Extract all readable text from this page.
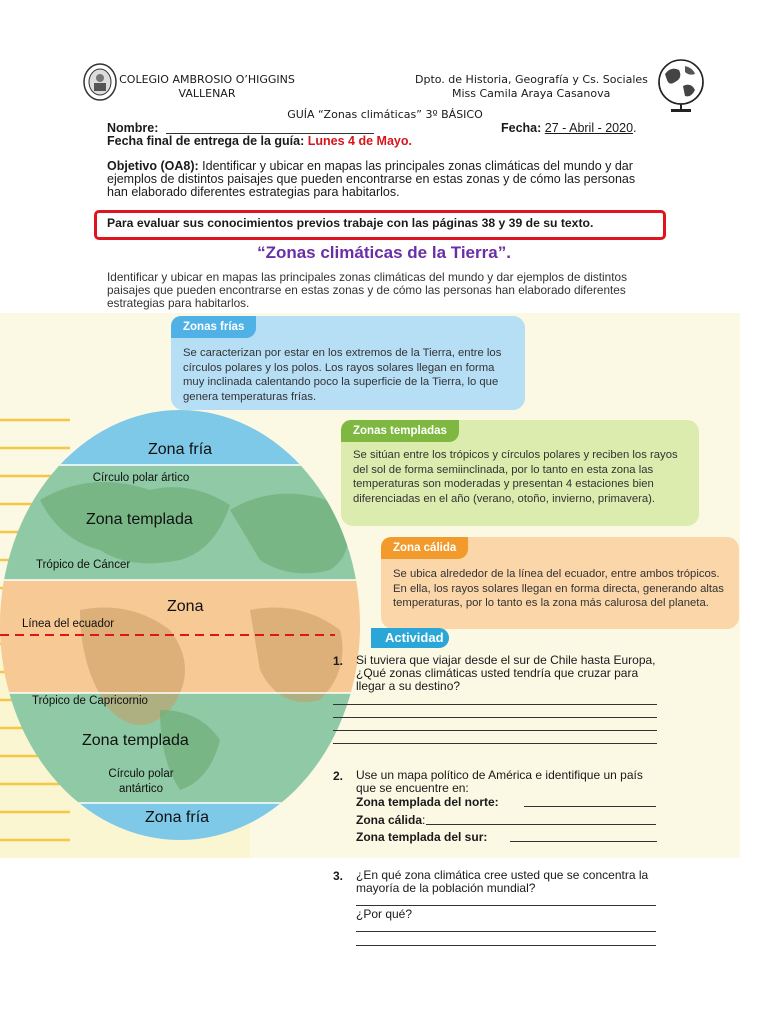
COLEGIO AMBROSIO O’HIGGINS
VALLENAR
Dpto. de Historia, Geografía y Cs. Sociales
Miss Camila Araya Casanova
GUÍA “Zonas climáticas” 3º BÁSICO
Nombre:	Fecha: 27 - Abril - 2020.
Fecha final de entrega de la guía: Lunes 4 de Mayo.
Objetivo (OA8): Identificar y ubicar en mapas las principales zonas climáticas del mundo y dar ejemplos de distintos paisajes que pueden encontrarse en estas zonas y de cómo las personas han elaborado diferentes estrategias para habitarlos.
Para evaluar sus conocimientos previos trabaje con las páginas 38 y 39 de su texto.
“Zonas climáticas de la Tierra”.
Identificar y ubicar en mapas las principales zonas climáticas del mundo y dar ejemplos de distintos paisajes que pueden encontrarse en estas zonas y de cómo las personas han elaborado diferentes estrategias para habitarlos.
Zona fría
Círculo polar ártico
Zona templada
Trópico de Cáncer
Zona
Línea del ecuador
Trópico de Capricornio
Zona templada
Círculo polar antártico
Zona fría
Zonas frías
Se caracterizan por estar en los extremos de la Tierra, entre los círculos polares y los polos. Los rayos solares llegan en forma muy inclinada calentando poco la superficie de la Tierra, lo que genera temperaturas frías.
Zonas templadas
Se sitúan entre los trópicos y círculos polares y reciben los rayos del sol de forma semiinclinada, por lo tanto en esta zona las temperaturas son moderadas y presentan 4 estaciones bien diferenciadas en el año (verano, otoño, invierno, primavera).
Zona cálida
Se ubica alrededor de la línea del ecuador, entre ambos trópicos. En ella, los rayos solares llegan en forma directa, generando altas temperaturas, por lo tanto es la zona más calurosa del planeta.
Actividad
1. Si tuviera que viajar desde el sur de Chile hasta Europa, ¿Qué zonas climáticas usted tendría que cruzar para llegar a su destino?
2. Use un mapa político de América e identifique un país que se encuentre en:
Zona templada del norte:
Zona cálida:
Zona templada del sur:
3. ¿En qué zona climática cree usted que se concentra la mayoría de la población mundial?
¿Por qué?
